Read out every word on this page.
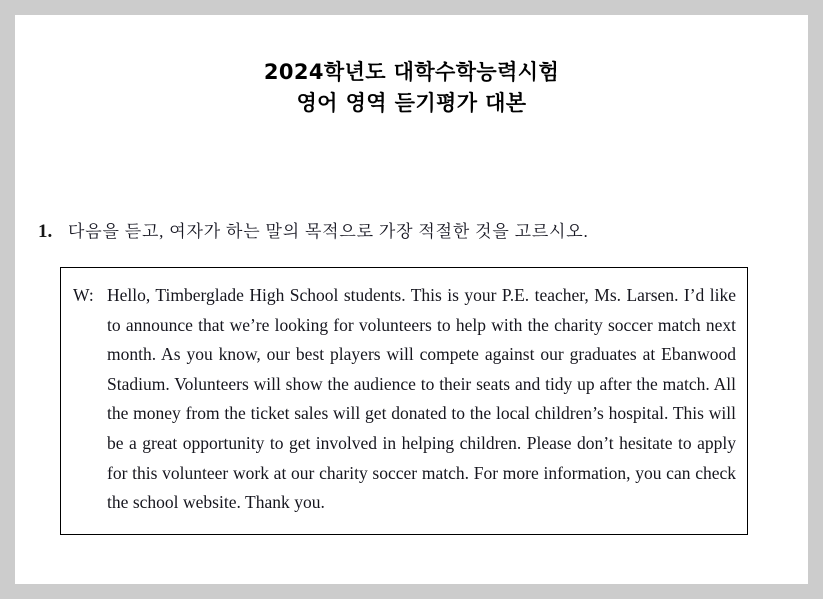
2024학년도 대학수학능력시험
영어 영역 듣기평가 대본
1. 다음을 듣고, 여자가 하는 말의 목적으로 가장 적절한 것을 고르시오.
W: Hello, Timberglade High School students. This is your P.E. teacher, Ms. Larsen. I’d like to announce that we’re looking for volunteers to help with the charity soccer match next month. As you know, our best players will compete against our graduates at Ebanwood Stadium. Volunteers will show the audience to their seats and tidy up after the match. All the money from the ticket sales will get donated to the local children’s hospital. This will be a great opportunity to get involved in helping children. Please don’t hesitate to apply for this volunteer work at our charity soccer match. For more information, you can check the school website. Thank you.
